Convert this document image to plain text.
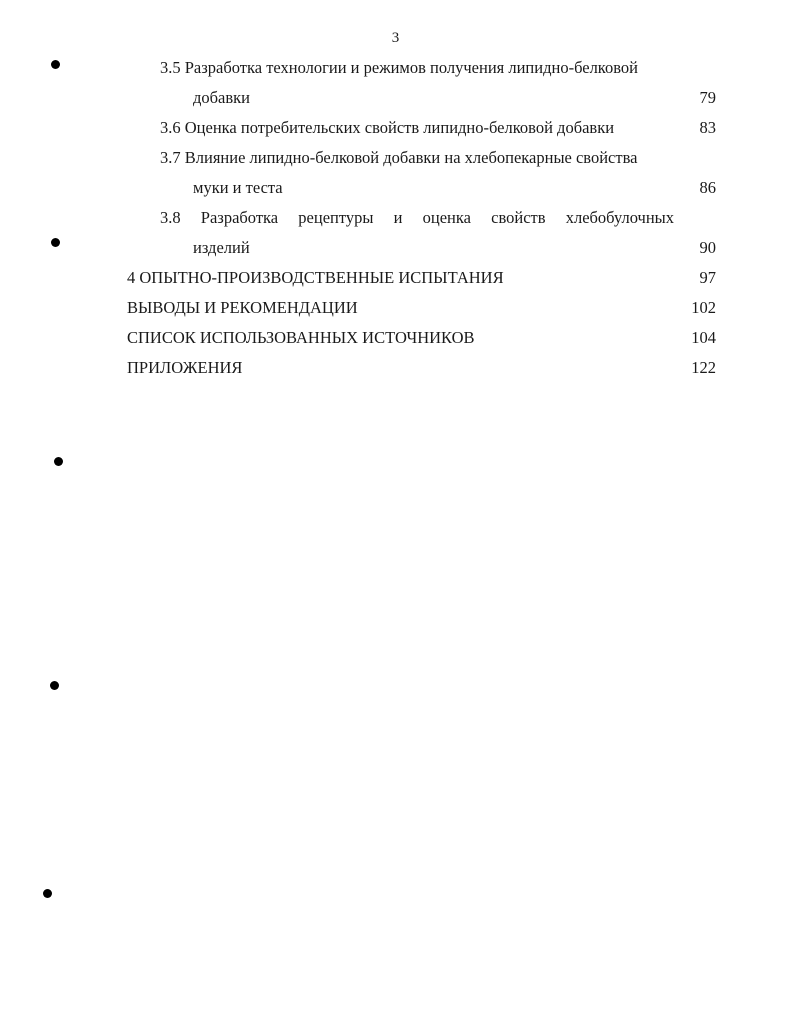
3
3.5 Разработка технологии и режимов получения липидно-белковой
добавки	79
3.6 Оценка потребительских свойств липидно-белковой добавки	83
3.7 Влияние липидно-белковой добавки на хлебопекарные свойства
муки и теста	86
3.8 Разработка рецептуры и оценка свойств хлебобулочных
изделий	90
4 ОПЫТНО-ПРОИЗВОДСТВЕННЫЕ ИСПЫТАНИЯ	97
ВЫВОДЫ И РЕКОМЕНДАЦИИ	102
СПИСОК ИСПОЛЬЗОВАННЫХ ИСТОЧНИКОВ	104
ПРИЛОЖЕНИЯ	122
